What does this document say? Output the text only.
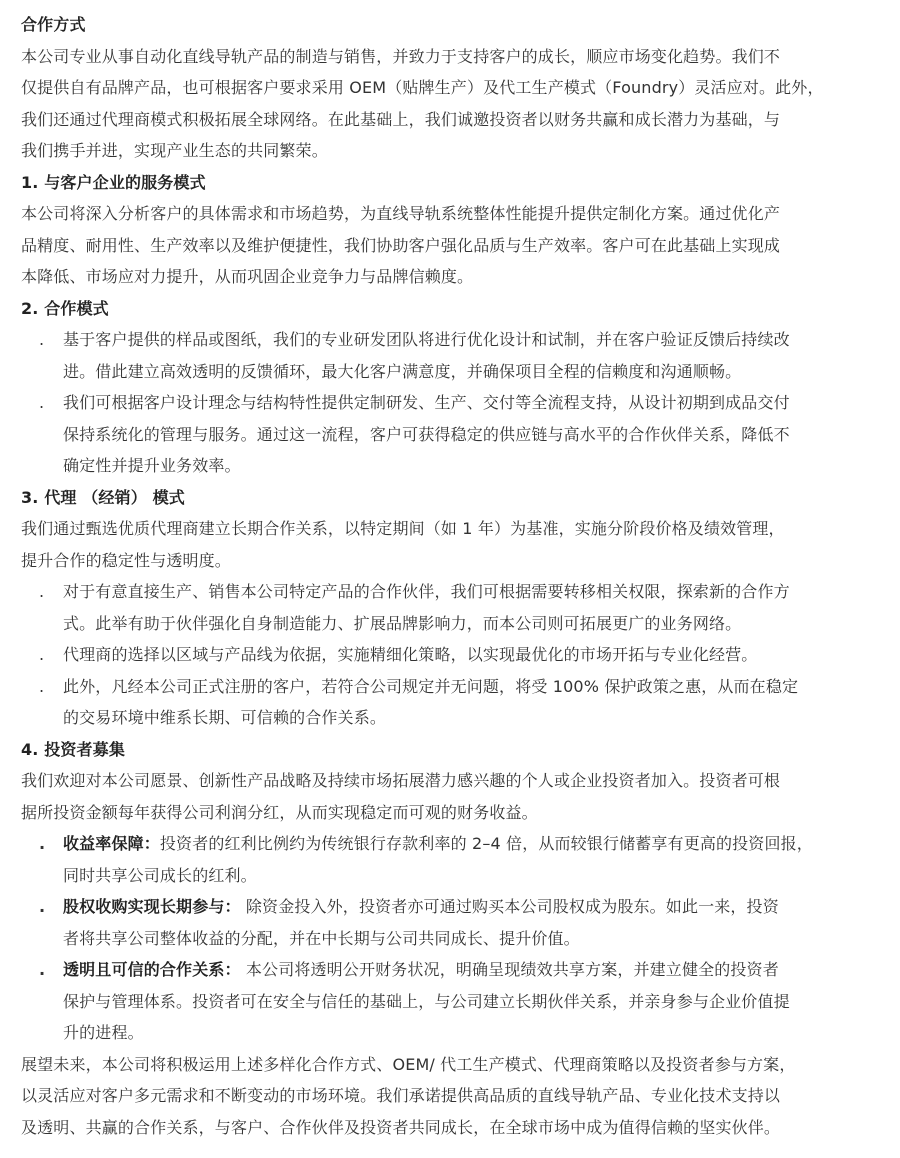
合作方式
本公司专业从事自动化直线导轨产品的制造与销售，并致力于支持客户的成长，顺应市场变化趋势。我们不
仅提供自有品牌产品，也可根据客户要求采用 OEM（贴牌生产）及代工生产模式（Foundry）灵活应对。此外，
我们还通过代理商模式积极拓展全球网络。在此基础上，我们诚邀投资者以财务共赢和成长潜力为基础，与
我们携手并进，实现产业生态的共同繁荣。
1. 与客户企业的服务模式
本公司将深入分析客户的具体需求和市场趋势，为直线导轨系统整体性能提升提供定制化方案。通过优化产
品精度、耐用性、生产效率以及维护便捷性，我们协助客户强化品质与生产效率。客户可在此基础上实现成
本降低、市场应对力提升，从而巩固企业竞争力与品牌信赖度。
2. 合作模式
. 基于客户提供的样品或图纸，我们的专业研发团队将进行优化设计和试制，并在客户验证反馈后持续改
进。借此建立高效透明的反馈循环，最大化客户满意度，并确保项目全程的信赖度和沟通顺畅。
. 我们可根据客户设计理念与结构特性提供定制研发、生产、交付等全流程支持，从设计初期到成品交付
保持系统化的管理与服务。通过这一流程，客户可获得稳定的供应链与高水平的合作伙伴关系，降低不
确定性并提升业务效率。
3. 代理 （经销） 模式
我们通过甄选优质代理商建立长期合作关系，以特定期间（如 1 年）为基准，实施分阶段价格及绩效管理，
提升合作的稳定性与透明度。
. 对于有意直接生产、销售本公司特定产品的合作伙伴，我们可根据需要转移相关权限，探索新的合作方
式。此举有助于伙伴强化自身制造能力、扩展品牌影响力，而本公司则可拓展更广的业务网络。
. 代理商的选择以区域与产品线为依据，实施精细化策略，以实现最优化的市场开拓与专业化经营。
. 此外，凡经本公司正式注册的客户，若符合公司规定并无问题，将受 100% 保护政策之惠，从而在稳定
的交易环境中维系长期、可信赖的合作关系。
4. 投资者募集
我们欢迎对本公司愿景、创新性产品战略及持续市场拓展潜力感兴趣的个人或企业投资者加入。投资者可根
据所投资金额每年获得公司利润分红，从而实现稳定而可观的财务收益。
. 收益率保障：投资者的红利比例约为传统银行存款利率的 2–4 倍，从而较银行储蓄享有更高的投资回报，
同时共享公司成长的红利。
. 股权收购实现长期参与： 除资金投入外，投资者亦可通过购买本公司股权成为股东。如此一来，投资
者将共享公司整体收益的分配，并在中长期与公司共同成长、提升价值。
. 透明且可信的合作关系： 本公司将透明公开财务状况，明确呈现绩效共享方案，并建立健全的投资者
保护与管理体系。投资者可在安全与信任的基础上，与公司建立长期伙伴关系，并亲身参与企业价值提
升的进程。
展望未来，本公司将积极运用上述多样化合作方式、OEM/ 代工生产模式、代理商策略以及投资者参与方案，
以灵活应对客户多元需求和不断变动的市场环境。我们承诺提供高品质的直线导轨产品、专业化技术支持以
及透明、共赢的合作关系，与客户、合作伙伴及投资者共同成长，在全球市场中成为值得信赖的坚实伙伴。
